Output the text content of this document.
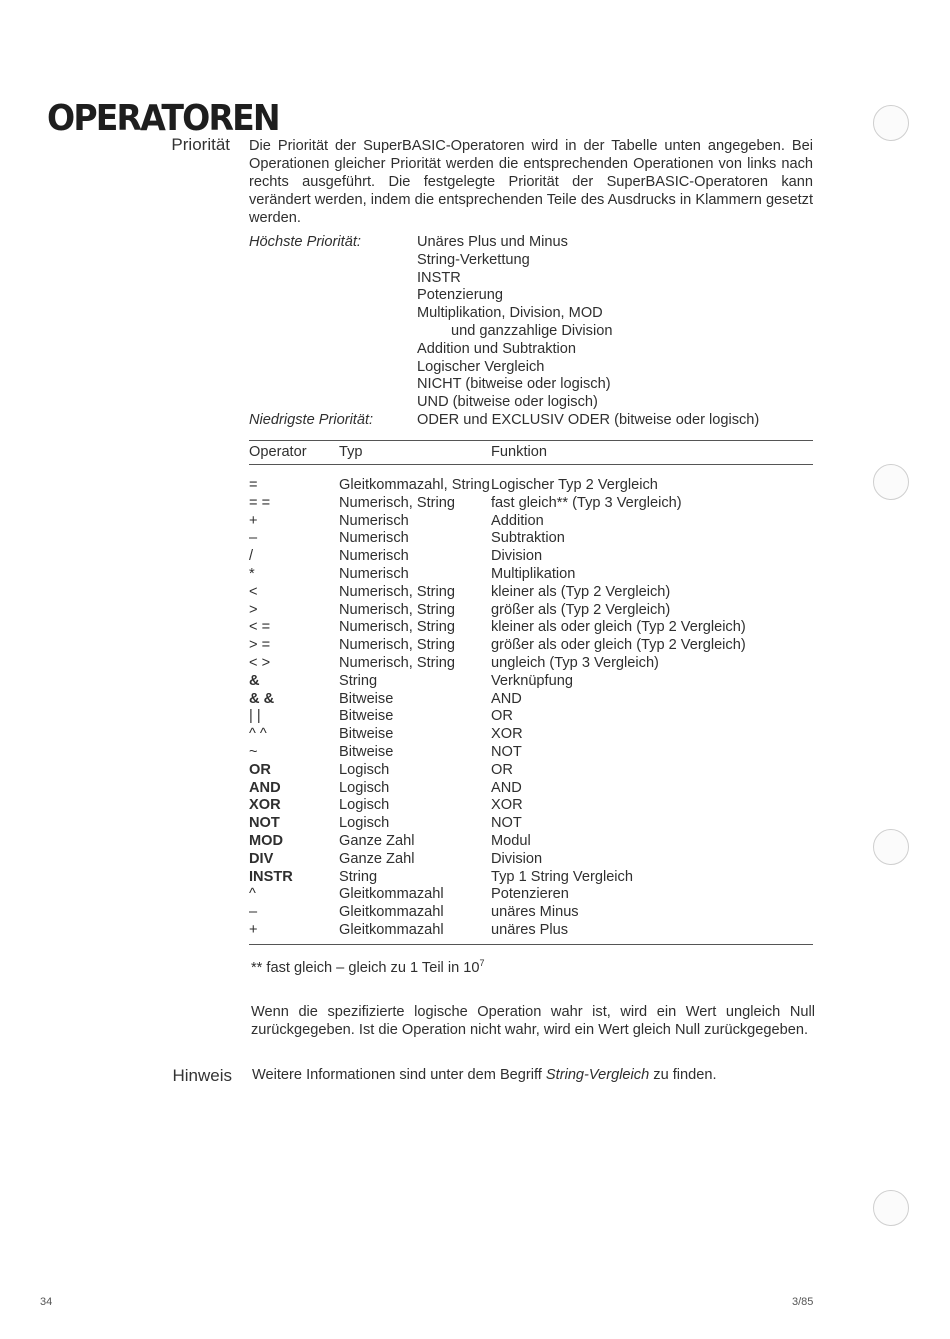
OPERATOREN
Priorität Die Priorität der SuperBASIC-Operatoren wird in der Tabelle unten angegeben. Bei Operationen gleicher Priorität werden die entsprechenden Operationen von links nach rechts ausgeführt. Die festgelegte Priorität der SuperBASIC-Operatoren kann verändert werden, indem die entsprechenden Teile des Ausdrucks in Klammern gesetzt werden.

Höchste Priorität:	Unäres Plus und Minus
String-Verkettung
INSTR
Potenzierung
Multiplikation, Division, MOD
und ganzzahlige Division
Addition und Subtraktion
Logischer Vergleich
NICHT (bitweise oder logisch)
UND (bitweise oder logisch)
Niedrigste Priorität:	ODER und EXCLUSIV ODER (bitweise oder logisch)
Operator	Typ	Funktion
=	Gleitkommazahl, String	Logischer Typ 2 Vergleich
= =	Numerisch, String	fast gleich** (Typ 3 Vergleich)
+	Numerisch	Addition
–	Numerisch	Subtraktion
/	Numerisch	Division
*	Numerisch	Multiplikation
<	Numerisch, String	kleiner als (Typ 2 Vergleich)
>	Numerisch, String	größer als (Typ 2 Vergleich)
< =	Numerisch, String	kleiner als oder gleich (Typ 2 Vergleich)
> =	Numerisch, String	größer als oder gleich (Typ 2 Vergleich)
< >	Numerisch, String	ungleich (Typ 3 Vergleich)
&	String	Verknüpfung
& &	Bitweise	AND
| |	Bitweise	OR
^ ^	Bitweise	XOR
~	Bitweise	NOT
OR	Logisch	OR
AND	Logisch	AND
XOR	Logisch	XOR
NOT	Logisch	NOT
MOD	Ganze Zahl	Modul
DIV	Ganze Zahl	Division
INSTR	String	Typ 1 String Vergleich
^	Gleitkommazahl	Potenzieren
–	Gleitkommazahl	unäres Minus
+	Gleitkommazahl	unäres Plus
** fast gleich – gleich zu 1 Teil in $10^7$

Wenn die spezifizierte logische Operation wahr ist, wird ein Wert ungleich Null zurückgegeben. Ist die Operation nicht wahr, wird ein Wert gleich Null zurückgegeben.

Hinweis Weitere Informationen sind unter dem Begriff String-Vergleich zu finden.
34	3/85
